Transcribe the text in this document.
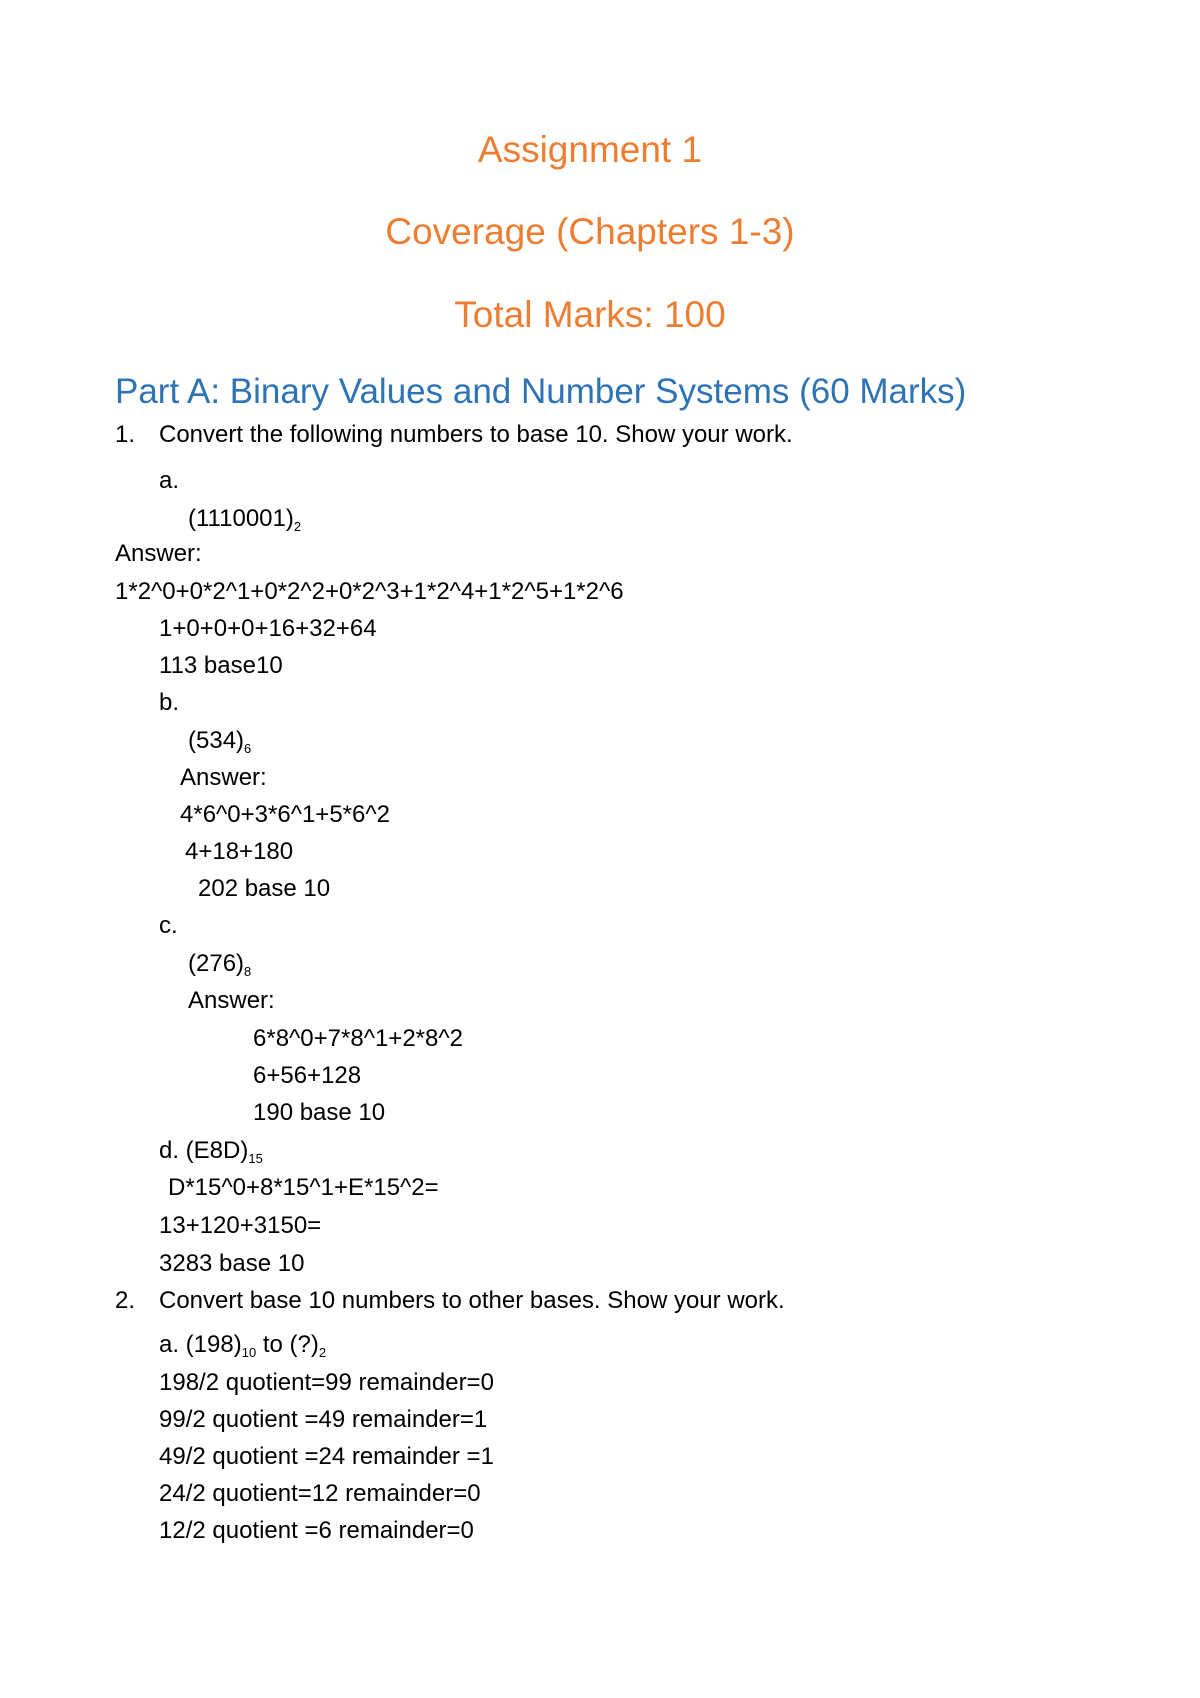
Assignment 1
Coverage (Chapters 1-3)
Total Marks: 100
Part A: Binary Values and Number Systems (60 Marks)
1. Convert the following numbers to base 10. Show your work.
a.
$(1110001)_2$
Answer:
1*2^0+0*2^1+0*2^2+0*2^3+1*2^4+1*2^5+1*2^6
1+0+0+0+16+32+64
113 base10
b.
$(534)_6$
Answer:
4*6^0+3*6^1+5*6^2
4+18+180
202 base 10
c.
$(276)_8$
Answer:
6*8^0+7*8^1+2*8^2
6+56+128
190 base 10
d. $(E8D)_{15}$
D*15^0+8*15^1+E*15^2=
13+120+3150=
3283 base 10
2. Convert base 10 numbers to other bases. Show your work.
a. $(198)_{10}$ to $(?)_2$
198/2 quotient=99 remainder=0
99/2 quotient =49 remainder=1
49/2 quotient =24 remainder =1
24/2 quotient=12 remainder=0
12/2 quotient =6 remainder=0
